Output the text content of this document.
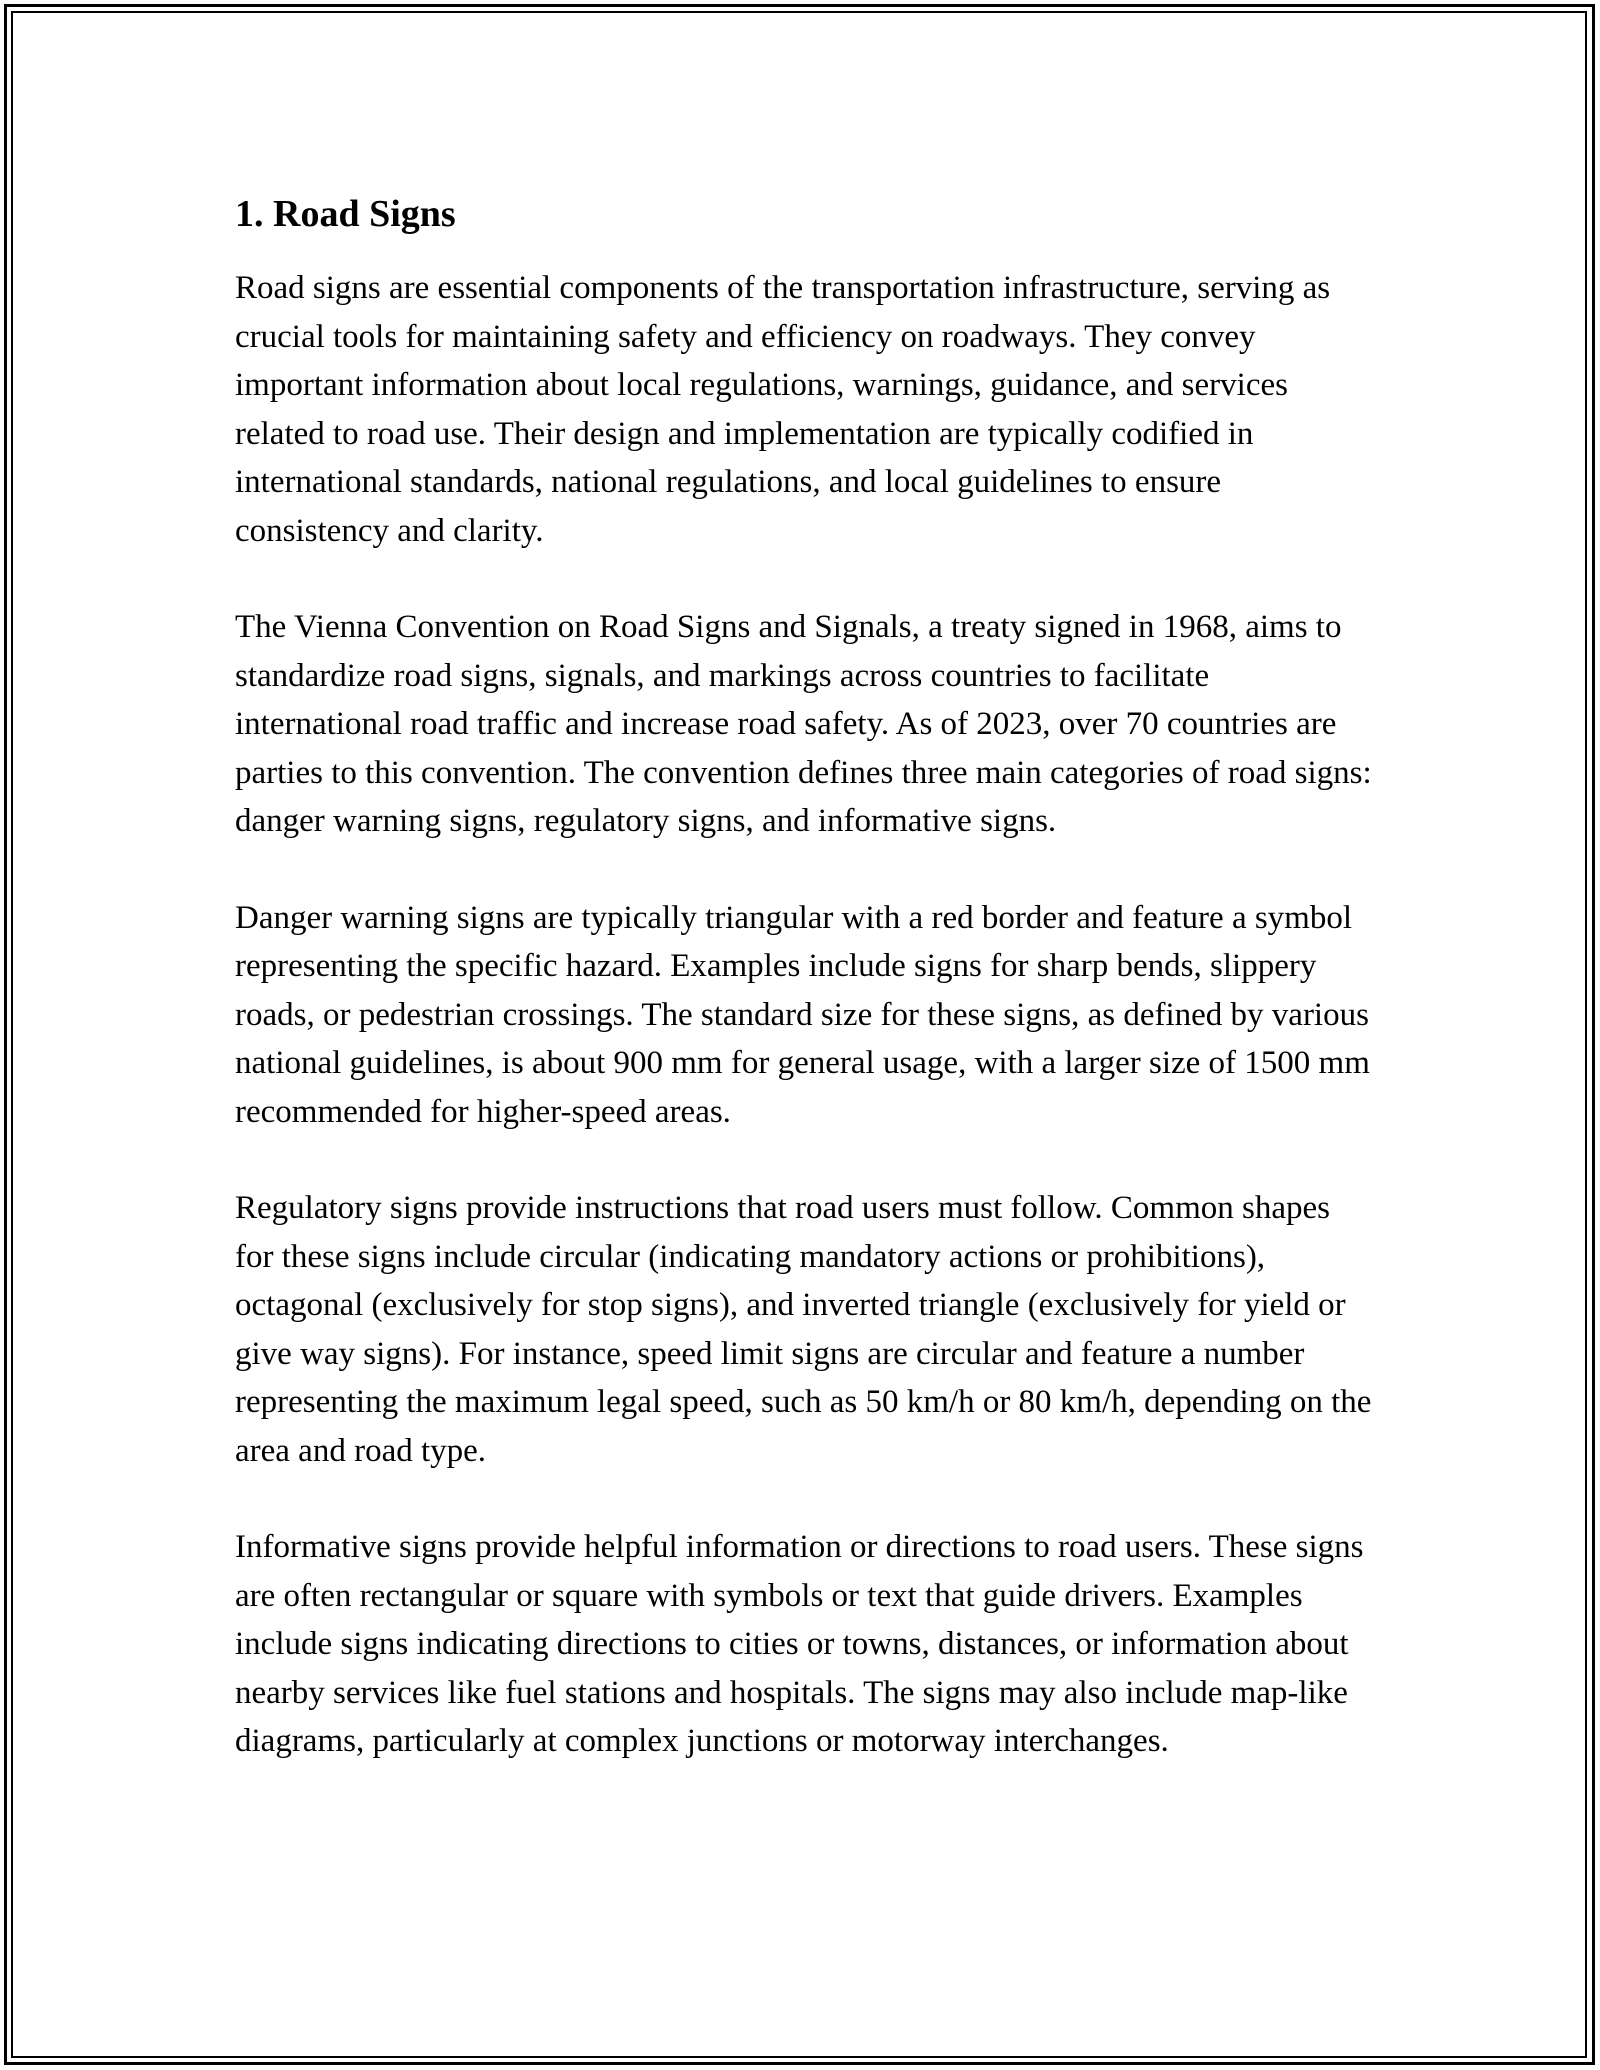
1. Road Signs

Road signs are essential components of the transportation infrastructure, serving as crucial tools for maintaining safety and efficiency on roadways. They convey important information about local regulations, warnings, guidance, and services related to road use. Their design and implementation are typically codified in international standards, national regulations, and local guidelines to ensure consistency and clarity.

The Vienna Convention on Road Signs and Signals, a treaty signed in 1968, aims to standardize road signs, signals, and markings across countries to facilitate international road traffic and increase road safety. As of 2023, over 70 countries are parties to this convention. The convention defines three main categories of road signs: danger warning signs, regulatory signs, and informative signs.

Danger warning signs are typically triangular with a red border and feature a symbol representing the specific hazard. Examples include signs for sharp bends, slippery roads, or pedestrian crossings. The standard size for these signs, as defined by various national guidelines, is about 900 mm for general usage, with a larger size of 1500 mm recommended for higher-speed areas.

Regulatory signs provide instructions that road users must follow. Common shapes for these signs include circular (indicating mandatory actions or prohibitions), octagonal (exclusively for stop signs), and inverted triangle (exclusively for yield or give way signs). For instance, speed limit signs are circular and feature a number representing the maximum legal speed, such as 50 km/h or 80 km/h, depending on the area and road type.

Informative signs provide helpful information or directions to road users. These signs are often rectangular or square with symbols or text that guide drivers. Examples include signs indicating directions to cities or towns, distances, or information about nearby services like fuel stations and hospitals. The signs may also include map-like diagrams, particularly at complex junctions or motorway interchanges.
